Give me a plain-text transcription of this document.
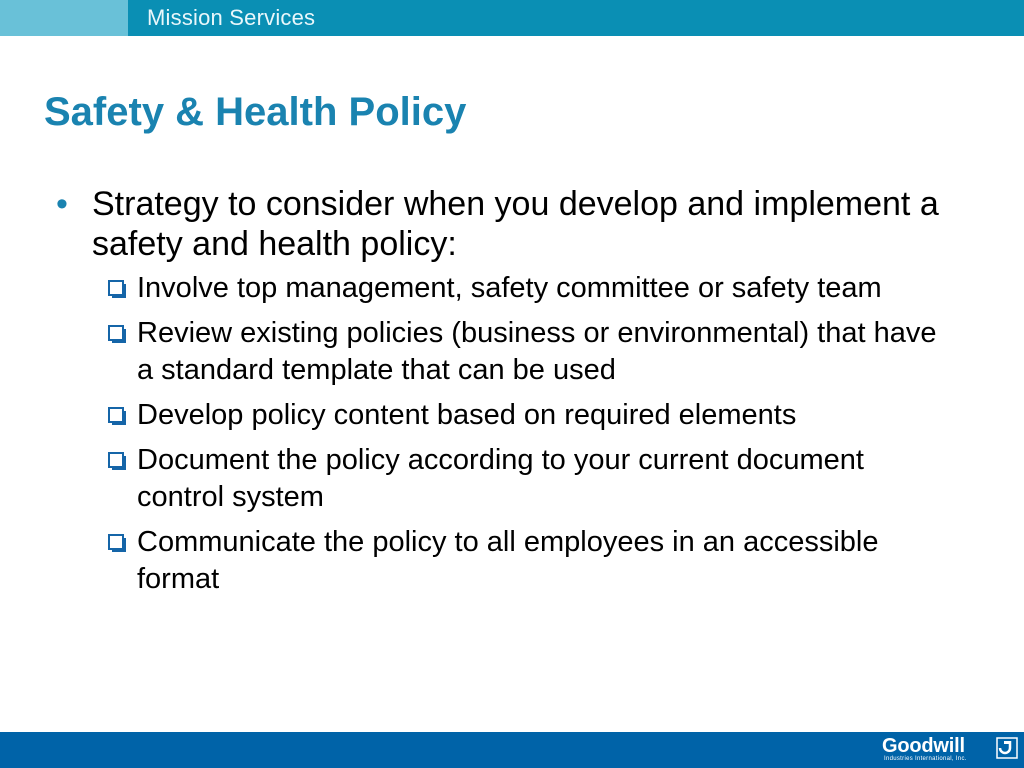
Mission Services
Safety & Health Policy
• Strategy to consider when you develop and implement a safety and health policy:
Involve top management, safety committee or safety team
Review existing policies (business or environmental) that have a standard template that can be used
Develop policy content based on required elements
Document the policy according to your current document control system
Communicate the policy to all employees in an accessible format
Goodwill
Industries International, Inc.
